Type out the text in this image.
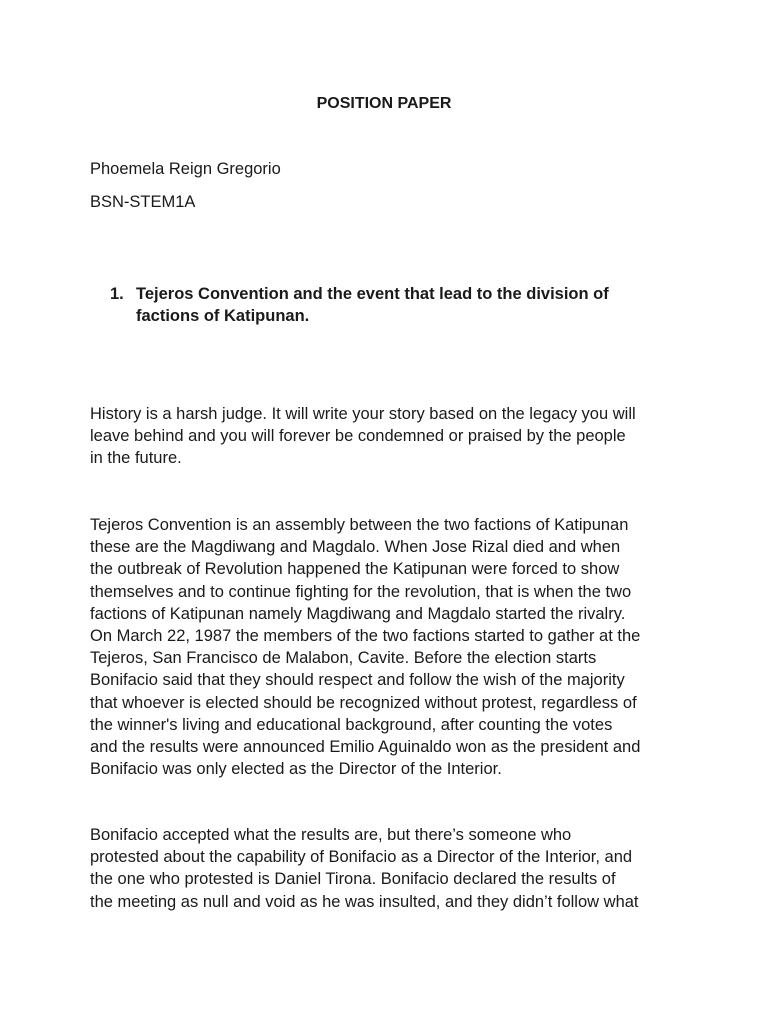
POSITION PAPER
Phoemela Reign Gregorio
BSN-STEM1A
1. Tejeros Convention and the event that lead to the division of
factions of Katipunan.
History is a harsh judge. It will write your story based on the legacy you will
leave behind and you will forever be condemned or praised by the people
in the future.
Tejeros Convention is an assembly between the two factions of Katipunan
these are the Magdiwang and Magdalo. When Jose Rizal died and when
the outbreak of Revolution happened the Katipunan were forced to show
themselves and to continue fighting for the revolution, that is when the two
factions of Katipunan namely Magdiwang and Magdalo started the rivalry.
On March 22, 1987 the members of the two factions started to gather at the
Tejeros, San Francisco de Malabon, Cavite. Before the election starts
Bonifacio said that they should respect and follow the wish of the majority
that whoever is elected should be recognized without protest, regardless of
the winner's living and educational background, after counting the votes
and the results were announced Emilio Aguinaldo won as the president and
Bonifacio was only elected as the Director of the Interior.
Bonifacio accepted what the results are, but there’s someone who
protested about the capability of Bonifacio as a Director of the Interior, and
the one who protested is Daniel Tirona. Bonifacio declared the results of
the meeting as null and void as he was insulted, and they didn’t follow what
